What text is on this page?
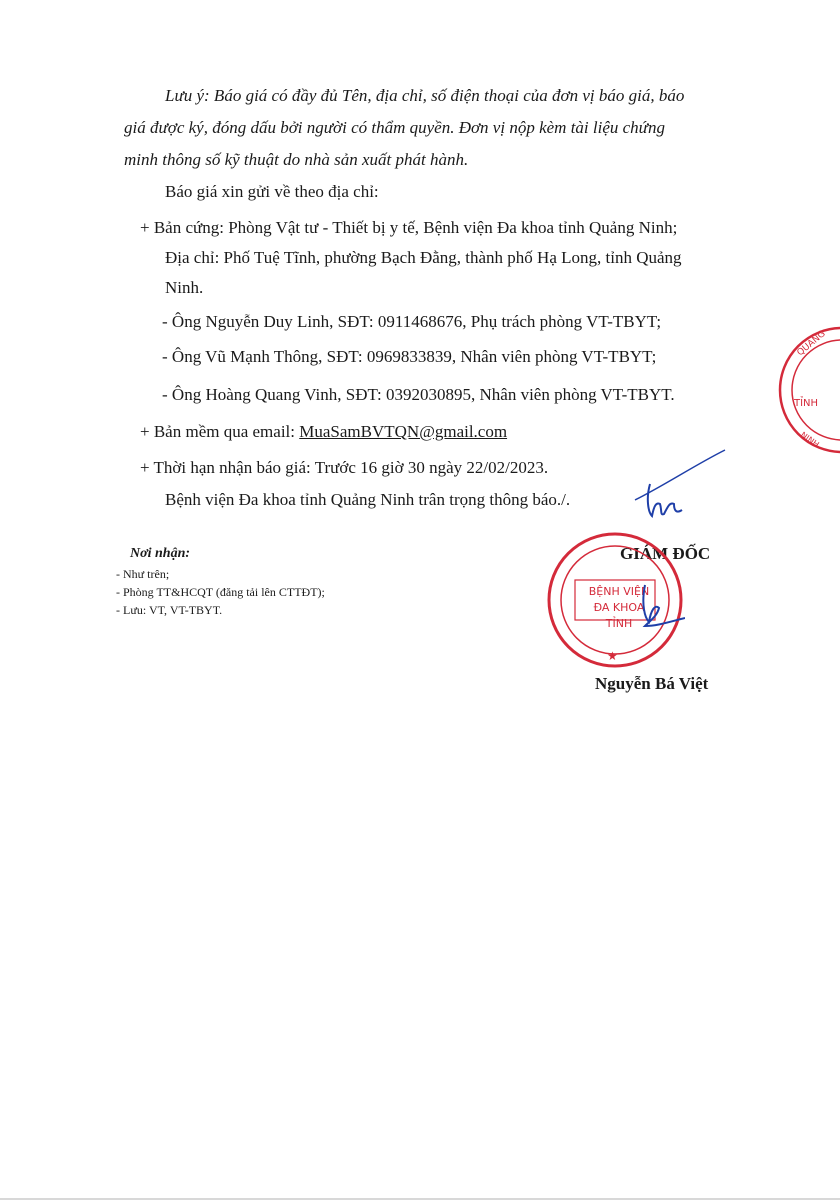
Lưu ý: Báo giá có đầy đủ Tên, địa chỉ, số điện thoại của đơn vị báo giá, báo

giá được ký, đóng dấu bởi người có thẩm quyền. Đơn vị nộp kèm tài liệu chứng

minh thông số kỹ thuật do nhà sản xuất phát hành.

Báo giá xin gửi về theo địa chỉ:

+ Bản cứng: Phòng Vật tư - Thiết bị y tế, Bệnh viện Đa khoa tỉnh Quảng Ninh;

Địa chỉ: Phố Tuệ Tĩnh, phường Bạch Đằng, thành phố Hạ Long, tỉnh Quảng

Ninh.

- Ông Nguyễn Duy Linh, SĐT: 0911468676, Phụ trách phòng VT-TBYT;

- Ông Vũ Mạnh Thông, SĐT: 0969833839, Nhân viên phòng VT-TBYT;

- Ông Hoàng Quang Vinh, SĐT: 0392030895, Nhân viên phòng VT-TBYT.

+ Bản mềm qua email: MuaSamBVTQN@gmail.com

+ Thời hạn nhận báo giá: Trước 16 giờ 30 ngày 22/02/2023.

Bệnh viện Đa khoa tỉnh Quảng Ninh trân trọng thông báo./.

Nơi nhận:
- Như trên;
- Phòng TT&HCQT (đăng tải lên CTTĐT);
- Lưu: VT, VT-TBYT.
GIÁM ĐỐC
Nguyễn Bá Việt
QUẢNG
TỈNH
NINH
★
BỆNH VIỆN
ĐA KHOA TỈNH
